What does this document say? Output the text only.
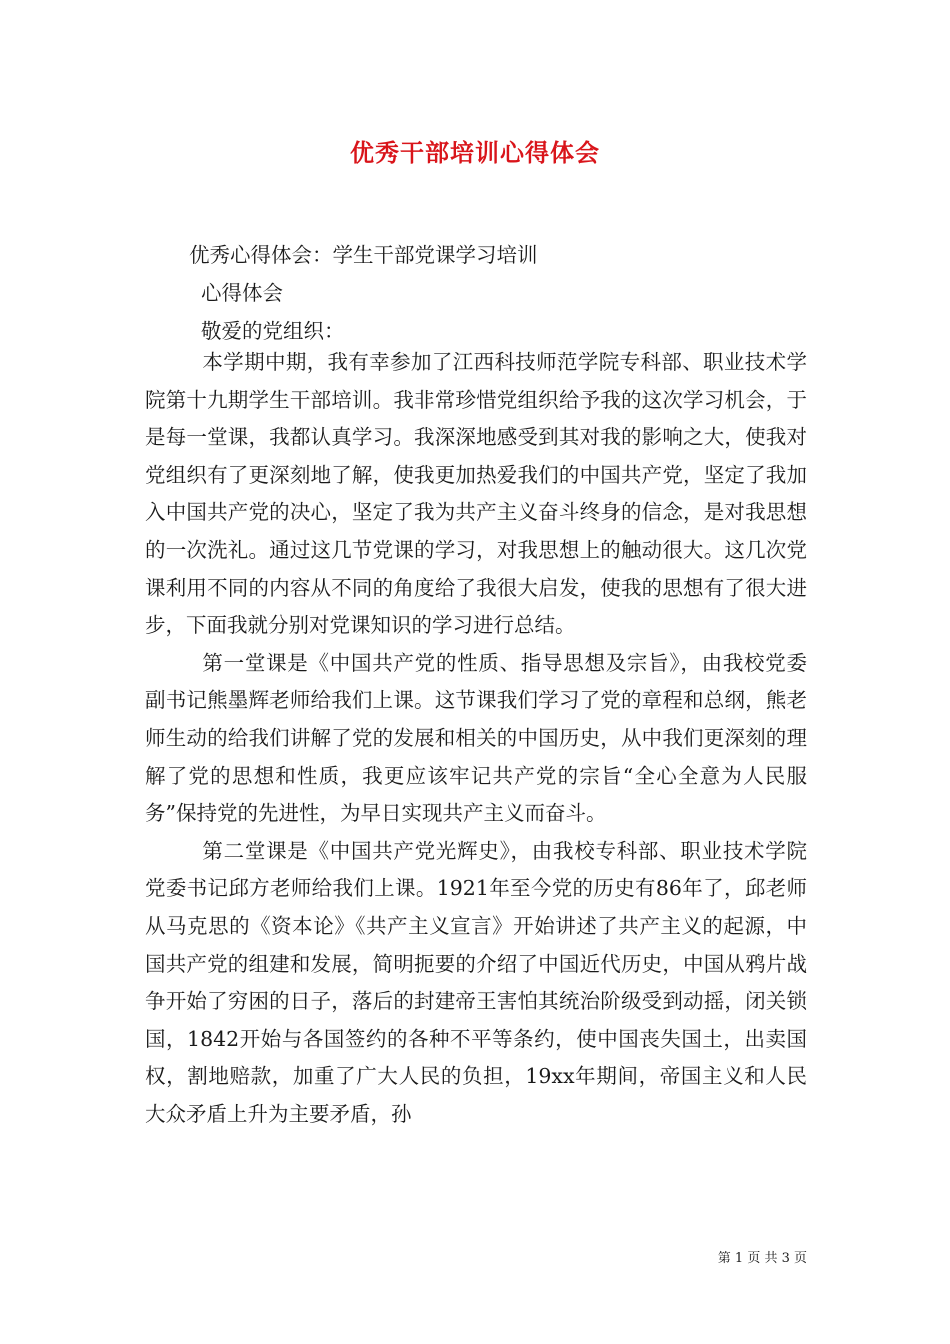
优秀干部培训心得体会
优秀心得体会：学生干部党课学习培训
心得体会
敬爱的党组织：

本学期中期，我有幸参加了江西科技师范学院专科部、职业技术学院第十九期学生干部培训。我非常珍惜党组织给予我的这次学习机会，于是每一堂课，我都认真学习。我深深地感受到其对我的影响之大，使我对党组织有了更深刻地了解，使我更加热爱我们的中国共产党，坚定了我加入中国共产党的决心，坚定了我为共产主义奋斗终身的信念，是对我思想的一次洗礼。通过这几节党课的学习，对我思想上的触动很大。这几次党课利用不同的内容从不同的角度给了我很大启发，使我的思想有了很大进步，下面我就分别对党课知识的学习进行总结。

第一堂课是《中国共产党的性质、指导思想及宗旨》，由我校党委副书记熊墨辉老师给我们上课。这节课我们学习了党的章程和总纲，熊老师生动的给我们讲解了党的发展和相关的中国历史，从中我们更深刻的理解了党的思想和性质，我更应该牢记共产党的宗旨“全心全意为人民服务”保持党的先进性，为早日实现共产主义而奋斗。

第二堂课是《中国共产党光辉史》，由我校专科部、职业技术学院党委书记邱方老师给我们上课。1921年至今党的历史有86年了，邱老师从马克思的《资本论》《共产主义宣言》开始讲述了共产主义的起源，中国共产党的组建和发展，简明扼要的介绍了中国近代历史，中国从鸦片战争开始了穷困的日子，落后的封建帝王害怕其统治阶级受到动摇，闭关锁国，1842开始与各国签约的各种不平等条约，使中国丧失国土，出卖国权，割地赔款，加重了广大人民的负担，19xx年期间，帝国主义和人民大众矛盾上升为主要矛盾，孙

第 1 页 共 3 页
